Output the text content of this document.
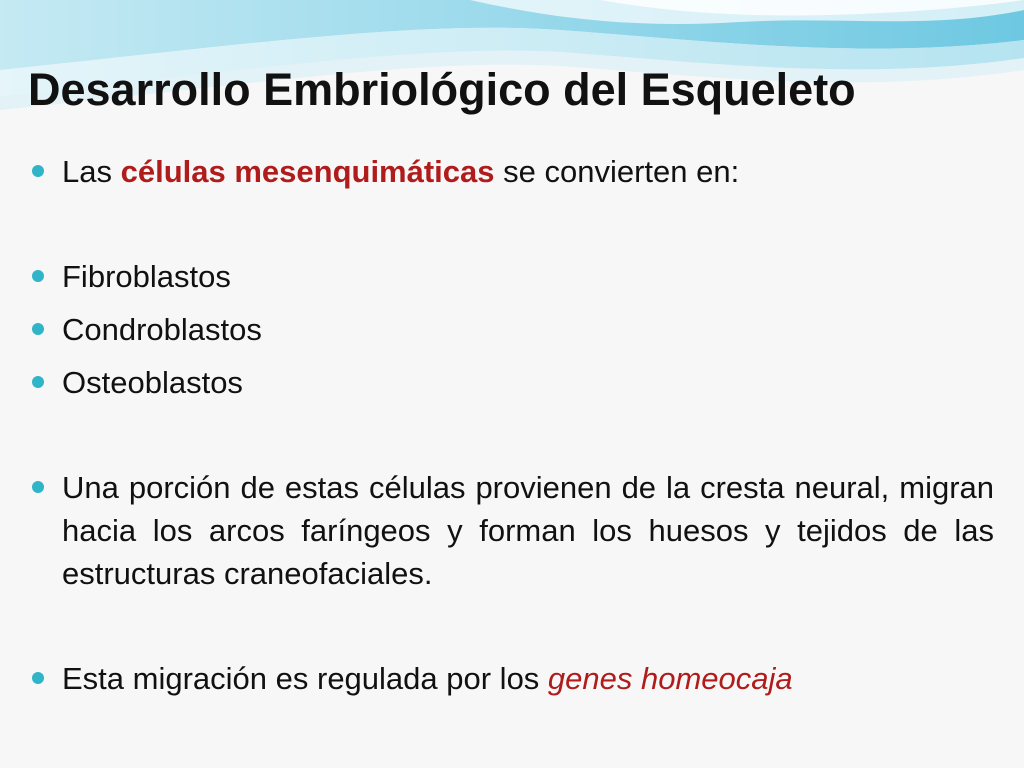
Desarrollo Embriológico del Esqueleto
Las células mesenquimáticas se convierten en:
Fibroblastos
Condroblastos
Osteoblastos
Una porción de estas células provienen de la cresta neural, migran hacia los arcos faríngeos y forman los huesos y tejidos de las estructuras craneofaciales.
Esta migración es regulada por los genes homeocaja
